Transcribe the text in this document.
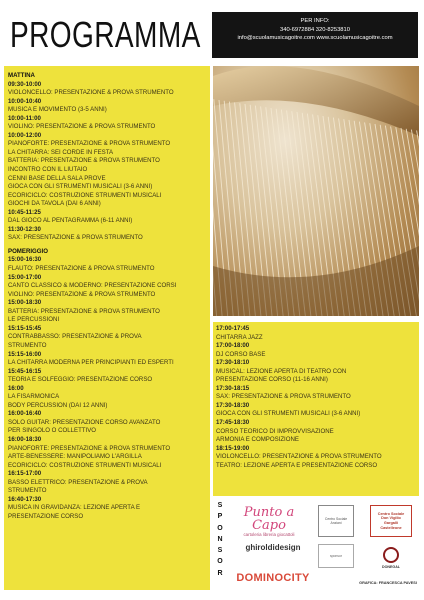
PROGRAMMA	PER INFO:
340-6972884 320-8253810
info@scuolamusicagoitre.com www.scuolamusicagoitre.com
MATTINA
09:30-10:00
VIOLONCELLO: PRESENTAZIONE & PROVA STRUMENTO
10:00-10:40
MUSICA E MOVIMENTO (3-5 ANNI)
10:00-11:00
VIOLINO: PRESENTAZIONE & PROVA STRUMENTO
10:00-12:00
PIANOFORTE: PRESENTAZIONE & PROVA STRUMENTO
LA CHITARRA: SEI CORDE IN FESTA
BATTERIA: PRESENTAZIONE & PROVA STRUMENTO
INCONTRO CON IL LIUTAIO
CENNI BASE DELLA SALA PROVE
GIOCA CON GLI STRUMENTI MUSICALI (3-6 ANNI)
ECORICICLO: COSTRUZIONE STRUMENTI MUSICALI
GIOCHI DA TAVOLA (DAI 6 ANNI)
10:45-11:25
DAL GIOCO AL PENTAGRAMMA (6-11 ANNI)
11:30-12:30
SAX: PRESENTAZIONE & PROVA STRUMENTO
POMERIGGIO
15:00-16:30
FLAUTO: PRESENTAZIONE & PROVA STRUMENTO
15:00-17:00
CANTO CLASSICO & MODERNO: PRESENTAZIONE CORSI
VIOLINO: PRESENTAZIONE & PROVA STRUMENTO
15:00-18:30
BATTERIA: PRESENTAZIONE & PROVA STRUMENTO
LE PERCUSSIONI
15:15-15:45
CONTRABBASSO: PRESENTAZIONE & PROVA
STRUMENTO
15:15-16:00
LA CHITARRA MODERNA PER PRINCIPIANTI ED ESPERTI
15:45-16:15
TEORIA E SOLFEGGIO: PRESENTAZIONE CORSO
16:00
LA FISARMONICA
BODY PERCUSSION (DAI 12 ANNI)
16:00-16:40
SOLO GUITAR: PRESENTAZIONE CORSO AVANZATO
PER SINGOLO O COLLETTIVO
16:00-18:30
PIANOFORTE: PRESENTAZIONE & PROVA STRUMENTO
ARTE-BENESSERE: MANIPOLIAMO L'ARGILLA
ECORICICLO: COSTRUZIONE STRUMENTI MUSICALI
16:15-17:00
BASSO ELETTRICO: PRESENTAZIONE & PROVA
STRUMENTO
16:40-17:30
MUSICA IN GRAVIDANZA: LEZIONE APERTA E
PRESENTAZIONE CORSO
17:00-17:45
CHITARRA JAZZ
17:00-18:00
DJ CORSO BASE
17:30-18:10
MUSICAL: LEZIONE APERTA DI TEATRO CON
PRESENTAZIONE CORSO (11-16 ANNI)
17:30-18:15
SAX: PRESENTAZIONE & PROVA STRUMENTO
17:30-18:30
GIOCA CON GLI STRUMENTI MUSICALI (3-6 ANNI)
17:45-18:30
CORSO TEORICO DI IMPROVVISAZIONE
ARMONIA E COMPOSIZIONE
18:15-19:00
VIOLONCELLO: PRESENTAZIONE & PROVA STRUMENTO
TEATRO: LEZIONE APERTA E PRESENTAZIONE CORSO
S
P
O
N
S
O
R
Punto a Capo
cartoleria libreria giocattoli
Centro Sociale Anziani
Centro Sociale
Don Vigilio
Gargalli
Castelleone
ghiroldidesign
sponsor
DONEGAL
DOMINOCITY	GRAFICA: FRANCESCA PAVESI
